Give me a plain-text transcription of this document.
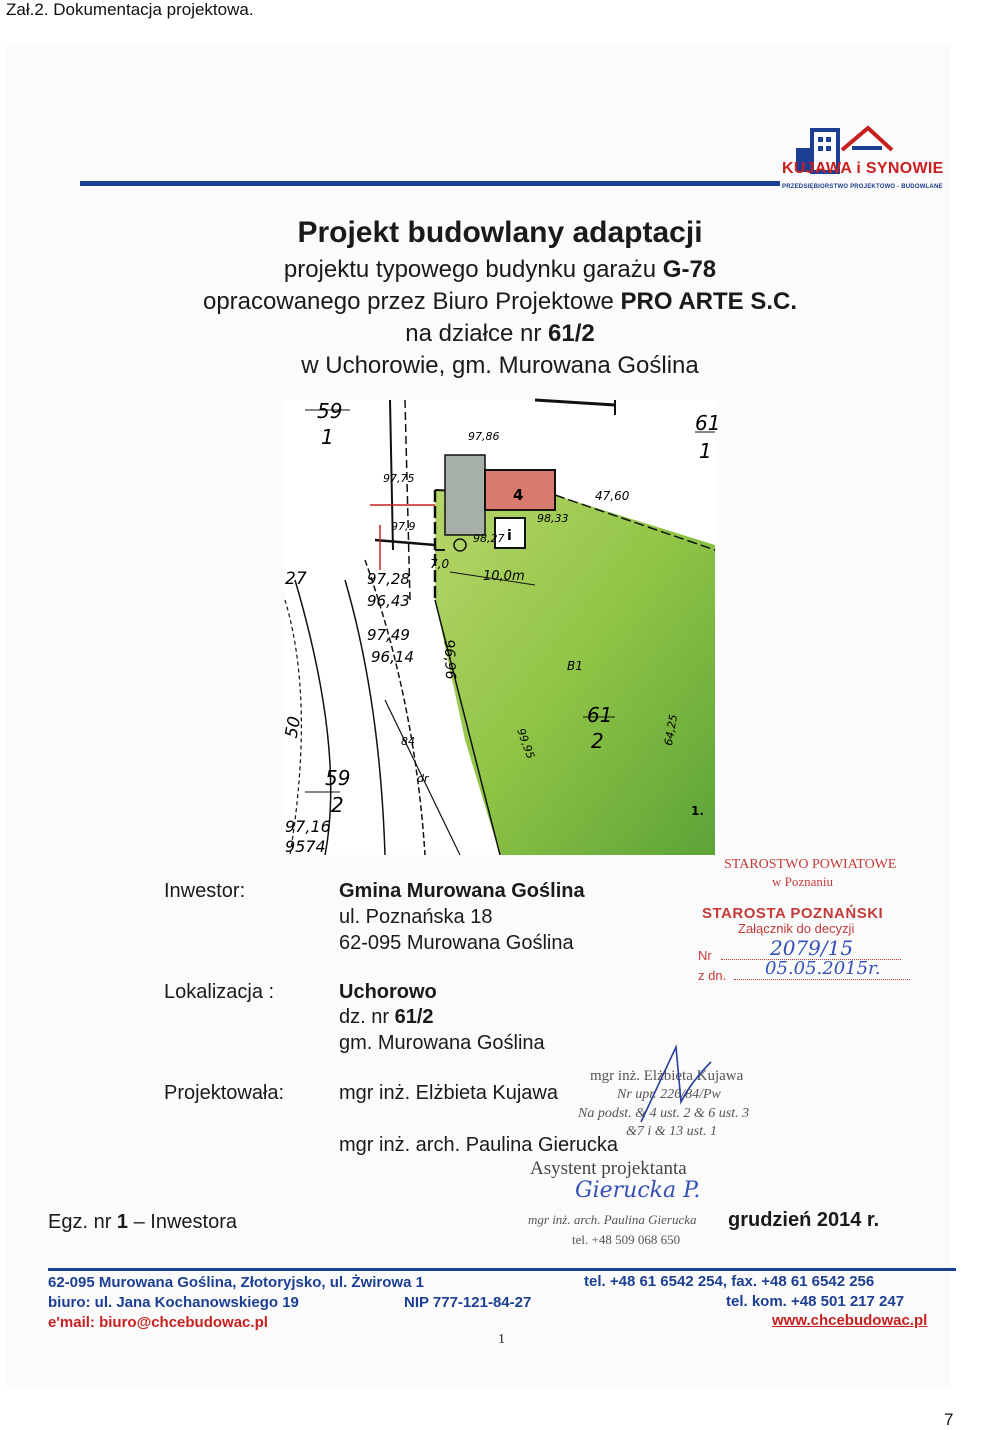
Zał.2. Dokumentacja projektowa.
KUJAWA i SYNOWIE
PRZEDSIĘBIORSTWO PROJEKTOWO - BUDOWLANE
Projekt budowlany adaptacji
projektu typowego budynku garażu G-78
opracowanego przez Biuro Projektowe PRO ARTE S.C.
na działce nr 61/2
w Uchorowie, gm. Murowana Goślina
59
1
61
1
97,86
97,75
97,9
98,27
98,33
4
i
47,60
7,0
10,0m
97,28
96,43
97,49
96,14
27
96,96
99,95	64,25
B1
61
2
84
dr
59
2
97,16
9574
50
1.
STAROSTWO POWIATOWE
w Poznaniu
STAROSTA POZNAŃSKI
Załącznik do decyzji
Nr	2079/15
z dn.	05.05.2015r.
Inwestor:	Gmina Murowana Goślina
ul. Poznańska 18
62-095 Murowana Goślina
Lokalizacja :	Uchorowo
dz. nr 61/2
gm. Murowana Goślina
Projektowała:	mgr inż. Elżbieta Kujawa
mgr inż. arch. Paulina Gierucka
mgr inż. Elżbieta Kujawa
Nr upr. 226/84/Pw
Na podst. & 4 ust. 2 & 6 ust. 3
&7 i & 13 ust. 1
Asystent projektanta
Gierucka P.
mgr inż. arch. Paulina Gierucka
tel. +48 509 068 650
Egz. nr 1 – Inwestora	grudzień 2014 r.
62-095 Murowana Goślina, Złotoryjsko, ul. Żwirowa 1
biuro: ul. Jana Kochanowskiego 19
e'mail: biuro@chcebudowac.pl
NIP 777-121-84-27
tel. +48 61 6542 254, fax. +48 61 6542 256
tel. kom. +48 501 217 247
www.chcebudowac.pl
1
7
